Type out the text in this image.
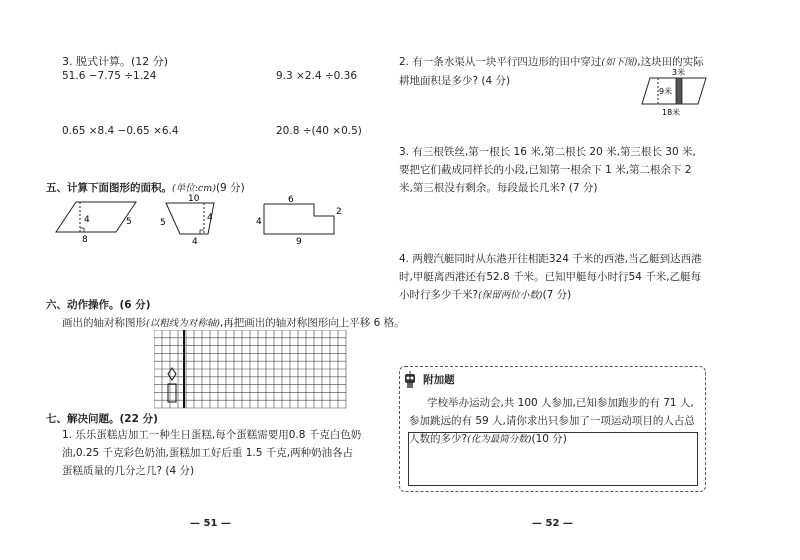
3. 脱式计算。(12 分)
51.6 −7.75 ÷1.24	9.3 ×2.4 ÷0.36
0.65 ×8.4 −0.65 ×6.4	20.8 ÷(40 ×0.5)
五、计算下面图形的面积。(单位:cm)(9 分)
4	5
8
10
5	4
4
6
2
4
9
六、动作操作。(6 分)
画出的轴对称图形(以粗线为对称轴),再把画出的轴对称图形向上平移 6 格。
七、解决问题。(22 分)
1. 乐乐蛋糕店加工一种生日蛋糕,每个蛋糕需要用0.8 千克白色奶油,0.25 千克彩色奶油,蛋糕加工好后重 1.5 千克,两种奶油各占蛋糕质量的几分之几? (4 分)
— 51 —
2. 有一条水渠从一块平行四边形的田中穿过(如下图),这块田的实际耕地面积是多少? (4 分)
3米
9米
18米
3. 有三根铁丝,第一根长 16 米,第二根长 20 米,第三根长 30 米,要把它们截成同样长的小段,已知第一根余下 1 米,第二根余下 2 米,第三根没有剩余。每段最长几米? (7 分)
4. 两艘汽艇同时从东港开往相距324 千米的西港,当乙艇到达西港时,甲艇离西港还有52.8 千米。已知甲艇每小时行54 千米,乙艇每小时行多少千米?(保留两位小数)(7 分)
附加题
学校举办运动会,共 100 人参加,已知参加跑步的有 71 人,参加跳远的有 59 人,请你求出只参加了一项运动项目的人占总人数的多少?(化为最简分数)(10 分)
— 52 —
